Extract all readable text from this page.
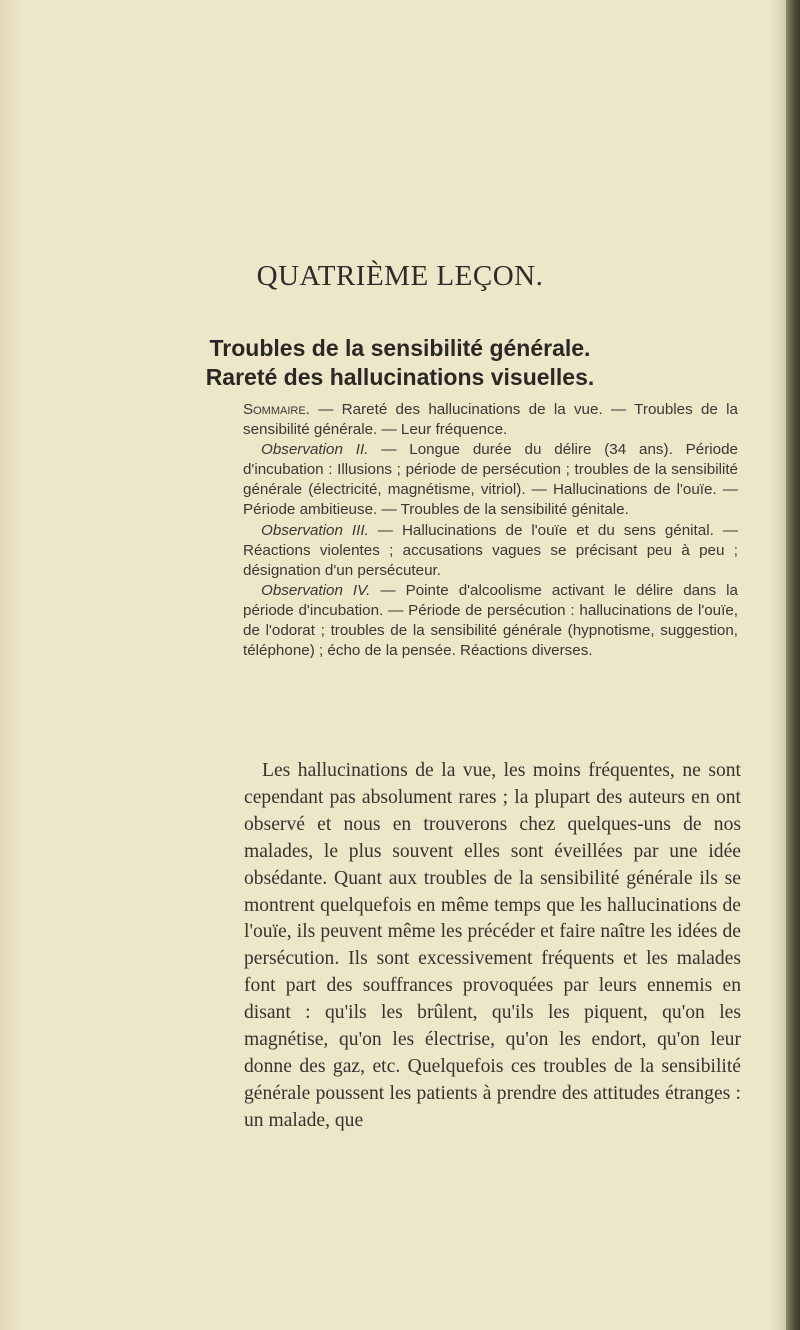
QUATRIÈME LEÇON.
Troubles de la sensibilité générale. Rareté des hallucinations visuelles.

Sommaire. — Rareté des hallucinations de la vue. — Troubles de la sensibilité générale. — Leur fréquence.

Observation II. — Longue durée du délire (34 ans). Période d'incubation : Illusions ; période de persécution ; troubles de la sensibilité générale (électricité, magnétisme, vitriol). — Hallucinations de l'ouïe. — Période ambitieuse. — Troubles de la sensibilité génitale.

Observation III. — Hallucinations de l'ouïe et du sens génital. — Réactions violentes ; accusations vagues se précisant peu à peu ; désignation d'un persécuteur.

Observation IV. — Pointe d'alcoolisme activant le délire dans la période d'incubation. — Période de persécution : hallucinations de l'ouïe, de l'odorat ; troubles de la sensibilité générale (hypnotisme, suggestion, téléphone) ; écho de la pensée. Réactions diverses.

Les hallucinations de la vue, les moins fréquentes, ne sont cependant pas absolument rares ; la plupart des auteurs en ont observé et nous en trouverons chez quelques-uns de nos malades, le plus souvent elles sont éveillées par une idée obsédante. Quant aux troubles de la sensibilité générale ils se montrent quelquefois en même temps que les hallucinations de l'ouïe, ils peuvent même les précéder et faire naître les idées de persécution. Ils sont excessivement fréquents et les malades font part des souffrances provoquées par leurs ennemis en disant : qu'ils les brûlent, qu'ils les piquent, qu'on les magnétise, qu'on les électrise, qu'on les endort, qu'on leur donne des gaz, etc. Quelquefois ces troubles de la sensibilité générale poussent les patients à prendre des attitudes étranges : un malade, que
